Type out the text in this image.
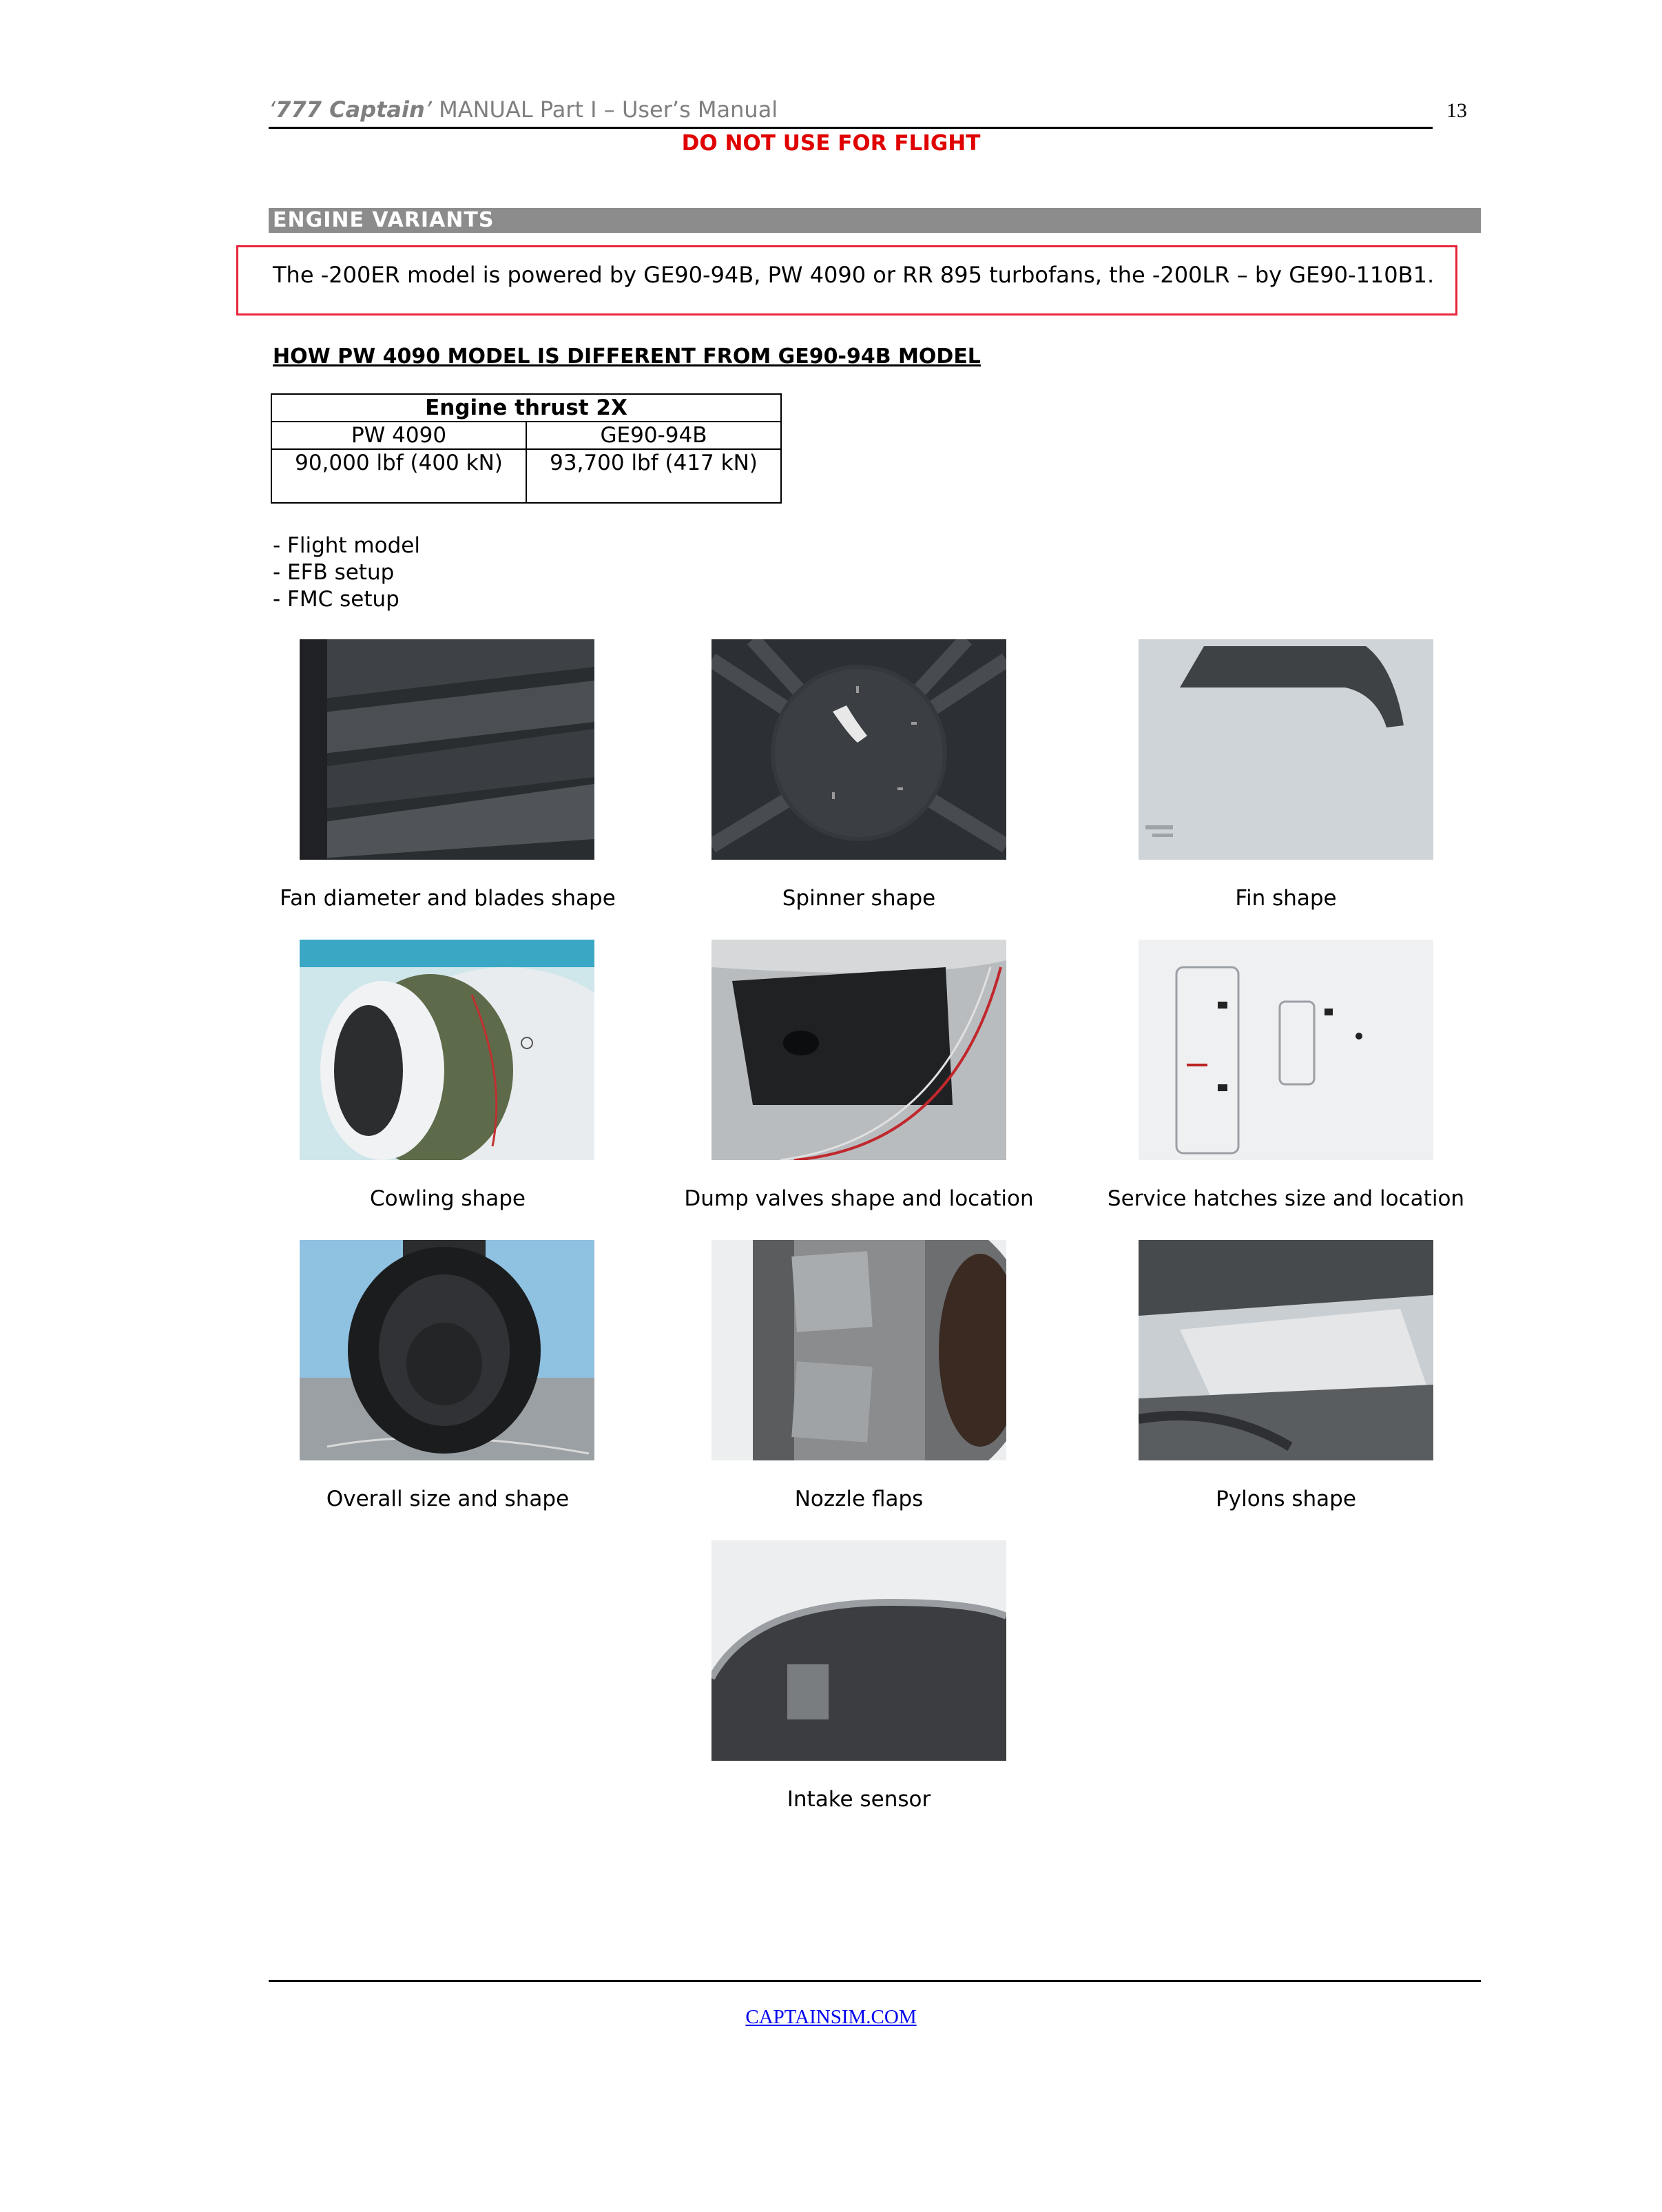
‘777 Captain’ MANUAL Part I – User’s Manual	13
DO NOT USE FOR FLIGHT
ENGINE VARIANTS
The -200ER model is powered by GE90-94B, PW 4090 or RR 895 turbofans, the -200LR – by GE90-110B1.
HOW PW 4090 MODEL IS DIFFERENT FROM GE90-94B MODEL
Engine thrust 2X	
PW 4090	GE90-94B
90,000 lbf (400 kN)	93,700 lbf (417 kN)
- Flight model
- EFB setup
- FMC setup
Fan diameter and blades shape	Spinner shape	Fin shape
Cowling shape	Dump valves shape and location	Service hatches size and location
Overall size and shape	Nozzle flaps	Pylons shape
Intake sensor
CAPTAINSIM.COM
